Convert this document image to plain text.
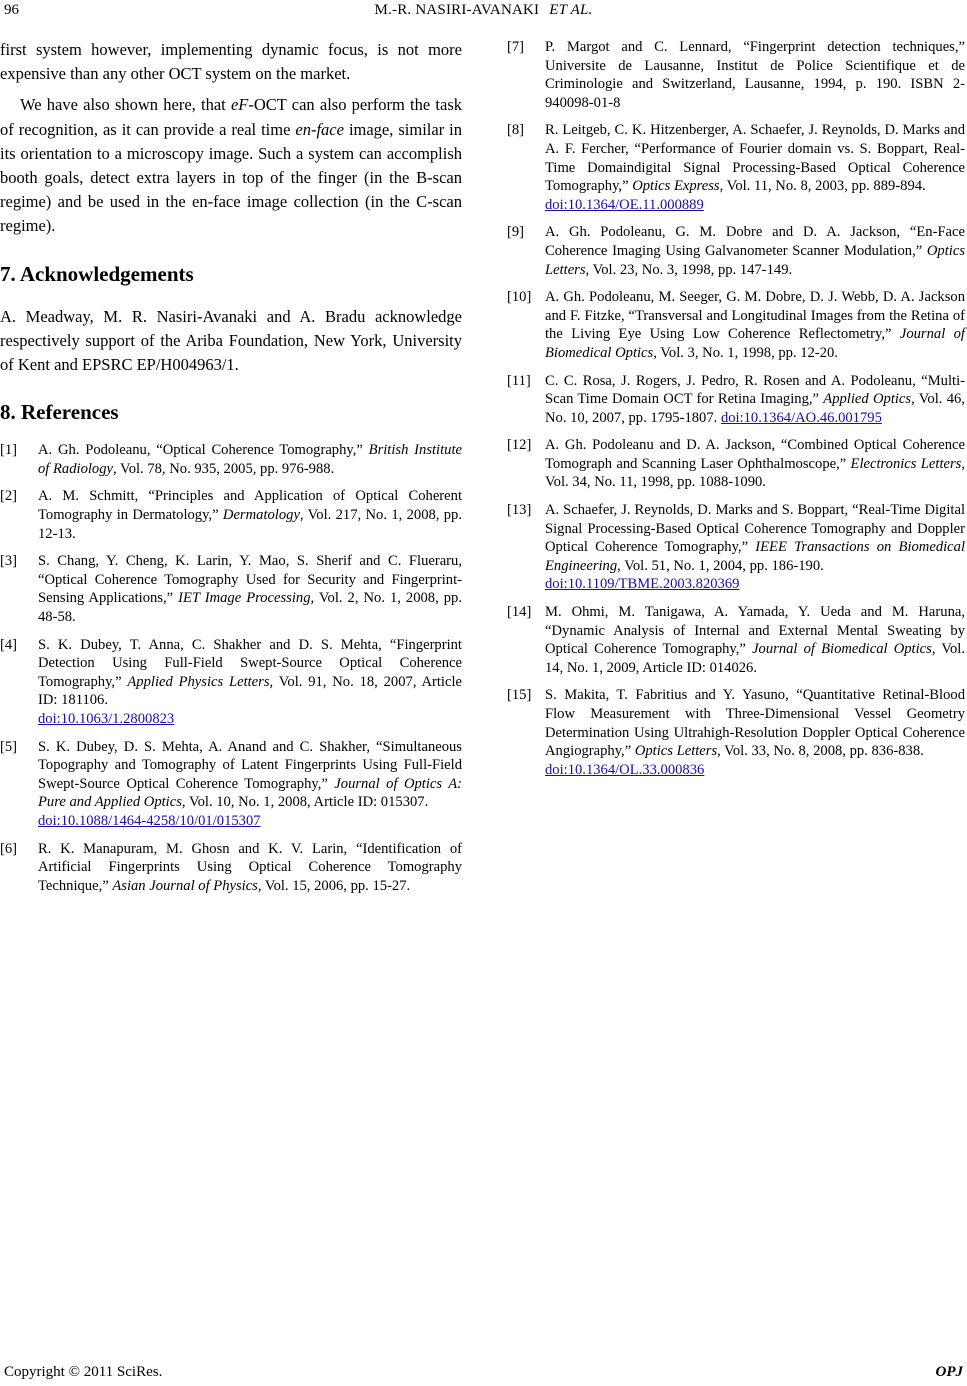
96	M.-R. NASIRI-AVANAKI ET AL.

first system however, implementing dynamic focus, is not more expensive than any other OCT system on the market.

We have also shown here, that eF-OCT can also perform the task of recognition, as it can provide a real time en-face image, similar in its orientation to a microscopy image. Such a system can accomplish booth goals, detect extra layers in top of the finger (in the B-scan regime) and be used in the en-face image collection (in the C-scan regime).

7. Acknowledgements

A. Meadway, M. R. Nasiri-Avanaki and A. Bradu acknowledge respectively support of the Ariba Foundation, New York, University of Kent and EPSRC EP/H004963/1.

8. References
[1]	A. Gh. Podoleanu, “Optical Coherence Tomography,” British Institute of Radiology, Vol. 78, No. 935, 2005, pp. 976-988.
[2]	A. M. Schmitt, “Principles and Application of Optical Coherent Tomography in Dermatology,” Dermatology, Vol. 217, No. 1, 2008, pp. 12-13.
[3]	S. Chang, Y. Cheng, K. Larin, Y. Mao, S. Sherif and C. Flueraru, “Optical Coherence Tomography Used for Security and Fingerprint-Sensing Applications,” IET Image Processing, Vol. 2, No. 1, 2008, pp. 48-58.
[4]	S. K. Dubey, T. Anna, C. Shakher and D. S. Mehta, “Fingerprint Detection Using Full-Field Swept-Source Optical Coherence Tomography,” Applied Physics Letters, Vol. 91, No. 18, 2007, Article ID: 181106.
doi:10.1063/1.2800823
[5]	S. K. Dubey, D. S. Mehta, A. Anand and C. Shakher, “Simultaneous Topography and Tomography of Latent Fingerprints Using Full-Field Swept-Source Optical Coherence Tomography,” Journal of Optics A: Pure and Applied Optics, Vol. 10, No. 1, 2008, Article ID: 015307.
doi:10.1088/1464-4258/10/01/015307
[6]	R. K. Manapuram, M. Ghosn and K. V. Larin, “Identification of Artificial Fingerprints Using Optical Coherence Tomography Technique,” Asian Journal of Physics, Vol. 15, 2006, pp. 15-27.
[7]	P. Margot and C. Lennard, “Fingerprint detection techniques,” Universite de Lausanne, Institut de Police Scientifique et de Criminologie and Switzerland, Lausanne, 1994, p. 190. ISBN 2-940098-01-8
[8]	R. Leitgeb, C. K. Hitzenberger, A. Schaefer, J. Reynolds, D. Marks and A. F. Fercher, “Performance of Fourier domain vs. S. Boppart, Real-Time Domaindigital Signal Processing-Based Optical Coherence Tomography,” Optics Express, Vol. 11, No. 8, 2003, pp. 889-894.
doi:10.1364/OE.11.000889
[9]	A. Gh. Podoleanu, G. M. Dobre and D. A. Jackson, “En-Face Coherence Imaging Using Galvanometer Scanner Modulation,” Optics Letters, Vol. 23, No. 3, 1998, pp. 147-149.
[10] A. Gh. Podoleanu, M. Seeger, G. M. Dobre, D. J. Webb, D. A. Jackson and F. Fitzke, “Transversal and Longitudinal Images from the Retina of the Living Eye Using Low Coherence Reflectometry,” Journal of Biomedical Optics, Vol. 3, No. 1, 1998, pp. 12-20.
[11] C. C. Rosa, J. Rogers, J. Pedro, R. Rosen and A. Podoleanu, “Multi-Scan Time Domain OCT for Retina Imaging,” Applied Optics, Vol. 46, No. 10, 2007, pp. 1795-1807. doi:10.1364/AO.46.001795
[12] A. Gh. Podoleanu and D. A. Jackson, “Combined Optical Coherence Tomograph and Scanning Laser Ophthalmoscope,” Electronics Letters, Vol. 34, No. 11, 1998, pp. 1088-1090.
[13] A. Schaefer, J. Reynolds, D. Marks and S. Boppart, “Real-Time Digital Signal Processing-Based Optical Coherence Tomography and Doppler Optical Coherence Tomography,” IEEE Transactions on Biomedical Engineering, Vol. 51, No. 1, 2004, pp. 186-190.
doi:10.1109/TBME.2003.820369
[14] M. Ohmi, M. Tanigawa, A. Yamada, Y. Ueda and M. Haruna, “Dynamic Analysis of Internal and External Mental Sweating by Optical Coherence Tomography,” Journal of Biomedical Optics, Vol. 14, No. 1, 2009, Article ID: 014026.
[15] S. Makita, T. Fabritius and Y. Yasuno, “Quantitative Retinal-Blood Flow Measurement with Three-Dimensional Vessel Geometry Determination Using Ultrahigh-Resolution Doppler Optical Coherence Angiography,” Optics Letters, Vol. 33, No. 8, 2008, pp. 836-838.
doi:10.1364/OL.33.000836
Copyright © 2011 SciRes.	OPJ
